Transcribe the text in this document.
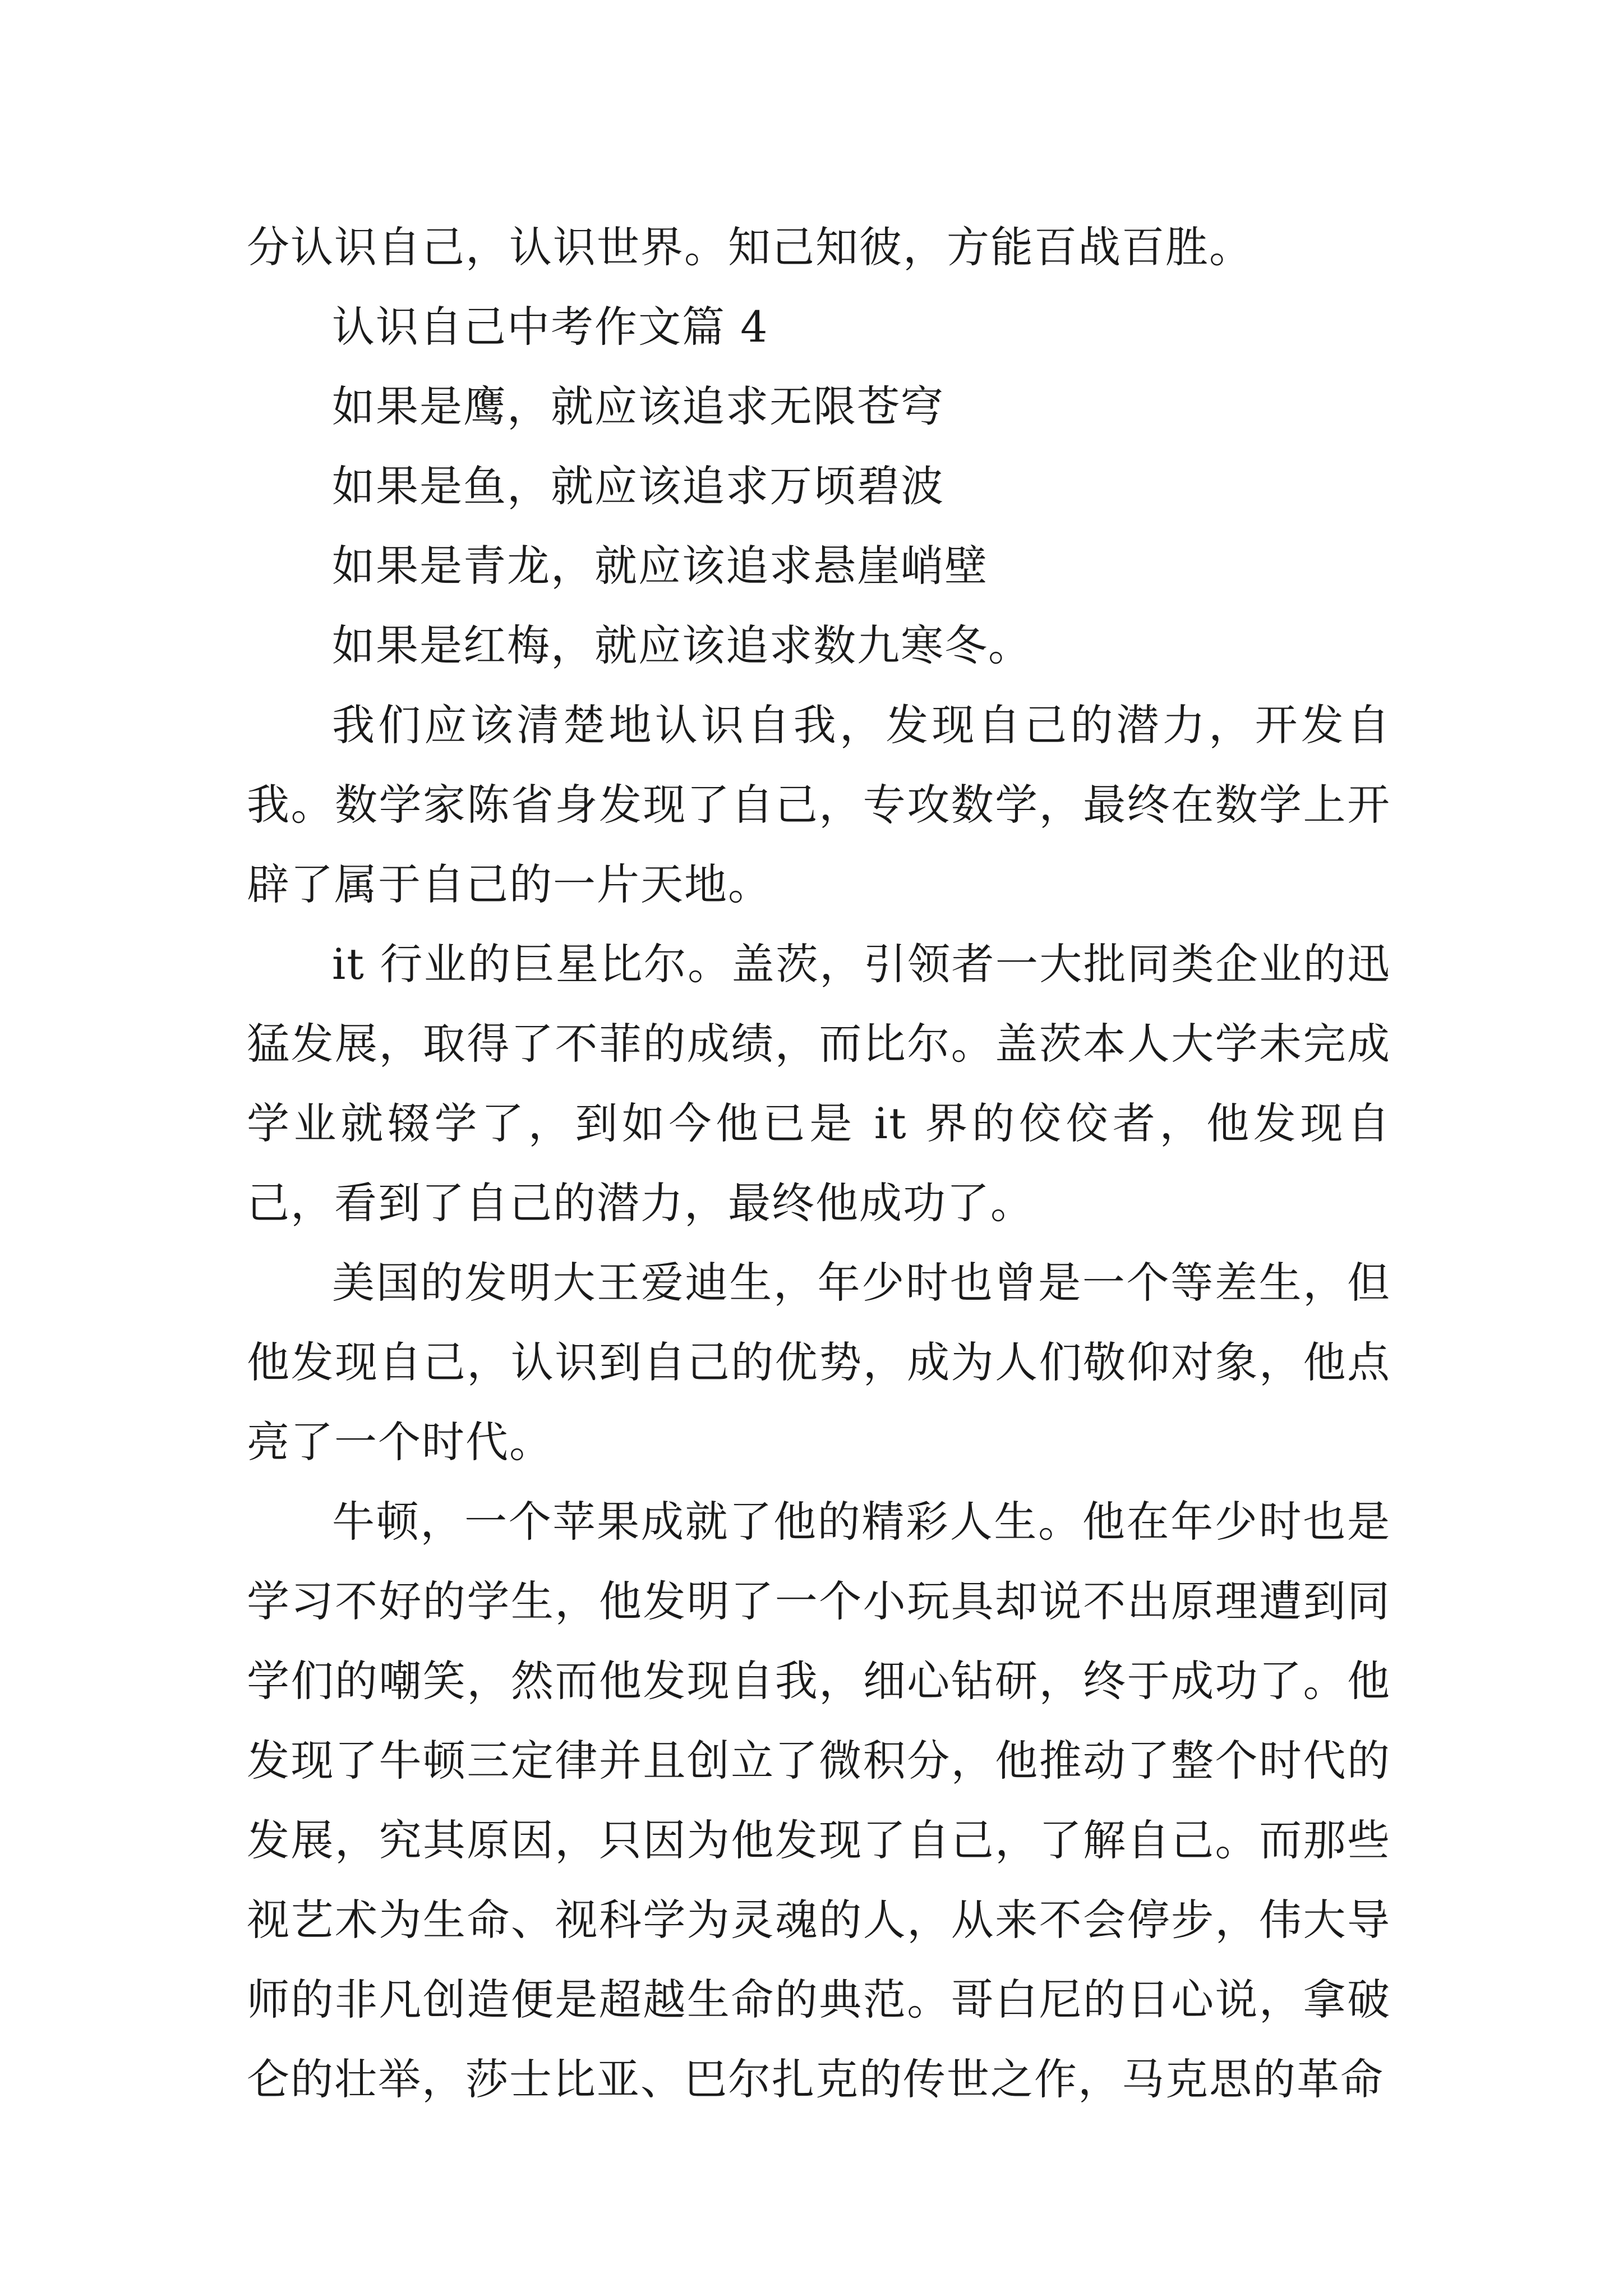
分认识自己，认识世界。知己知彼，方能百战百胜。

认识自己中考作文篇 4

如果是鹰，就应该追求无限苍穹

如果是鱼，就应该追求万顷碧波

如果是青龙，就应该追求悬崖峭壁

如果是红梅，就应该追求数九寒冬。

我们应该清楚地认识自我，发现自己的潜力，开发自我。数学家陈省身发现了自己，专攻数学，最终在数学上开辟了属于自己的一片天地。

it 行业的巨星比尔。盖茨，引领者一大批同类企业的迅猛发展，取得了不菲的成绩，而比尔。盖茨本人大学未完成学业就辍学了，到如今他已是 it 界的佼佼者，他发现自己，看到了自己的潜力，最终他成功了。

美国的发明大王爱迪生，年少时也曾是一个等差生，但他发现自己，认识到自己的优势，成为人们敬仰对象，他点亮了一个时代。

牛顿，一个苹果成就了他的精彩人生。他在年少时也是学习不好的学生，他发明了一个小玩具却说不出原理遭到同学们的嘲笑，然而他发现自我，细心钻研，终于成功了。他发现了牛顿三定律并且创立了微积分，他推动了整个时代的发展，究其原因，只因为他发现了自己，了解自己。而那些视艺术为生命、视科学为灵魂的人，从来不会停步，伟大导师的非凡创造便是超越生命的典范。哥白尼的日心说，拿破仑的壮举，莎士比亚、巴尔扎克的传世之作，马克思的革命
